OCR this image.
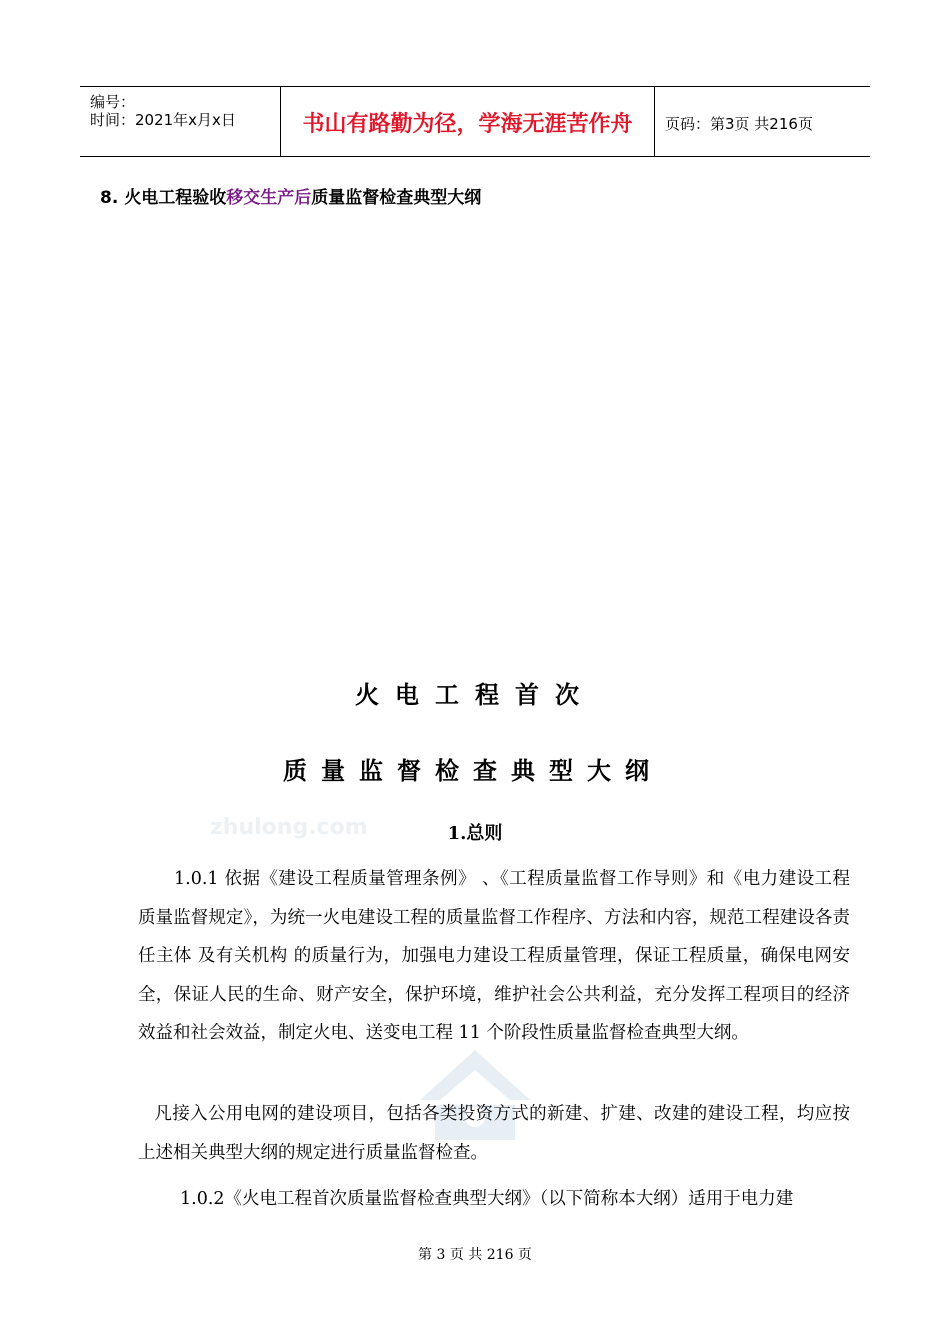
编号：
时间：2021年x月x日	书山有路勤为径，学海无涯苦作舟	页码：第3页 共216页
8. 火电工程验收移交生产后质量监督检查典型大纲
火电工程首次
质量监督检查典型大纲
zhulong.com	1.总则
1.0.1 依据《建设工程质量管理条例》 、《工程质量监督工作导则》和《电力建设工程质量监督规定》，为统一火电建设工程的质量监督工作程序、方法和内容，规范工程建设各责任主体 及有关机构 的质量行为，加强电力建设工程质量管理，保证工程质量，确保电网安全，保证人民的生命、财产安全，保护环境，维护社会公共利益，充分发挥工程项目的经济效益和社会效益，制定火电、送变电工程 11 个阶段性质量监督检查典型大纲。
凡接入公用电网的建设项目，包括各类投资方式的新建、扩建、改建的建设工程，均应按上述相关典型大纲的规定进行质量监督检查。
1.0.2《火电工程首次质量监督检查典型大纲》（以下简称本大纲）适用于电力建
第 3 页 共 216 页
